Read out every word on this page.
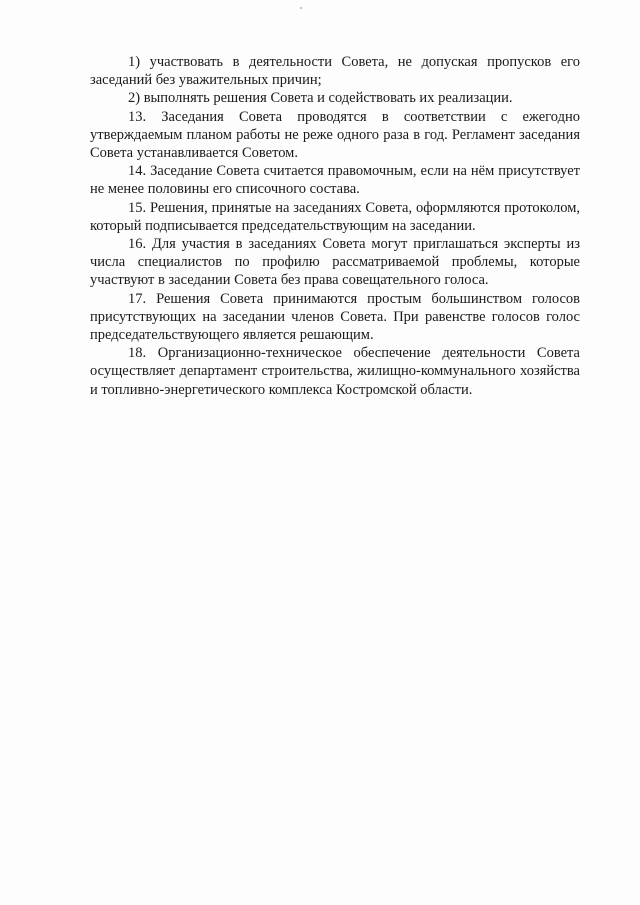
1) участвовать в деятельности Совета, не допуская пропусков его заседаний без уважительных причин;

2) выполнять решения Совета и содействовать их реализации.

13. Заседания Совета проводятся в соответствии с ежегодно утверждаемым планом работы не реже одного раза в год. Регламент заседания Совета устанавливается Советом.

14. Заседание Совета считается правомочным, если на нём присутствует не менее половины его списочного состава.

15. Решения, принятые на заседаниях Совета, оформляются протоколом, который подписывается председательствующим на заседании.

16. Для участия в заседаниях Совета могут приглашаться эксперты из числа специалистов по профилю рассматриваемой проблемы, которые участвуют в заседании Совета без права совещательного голоса.

17. Решения Совета принимаются простым большинством голосов присутствующих на заседании членов Совета. При равенстве голосов голос председательствующего является решающим.

18. Организационно-техническое обеспечение деятельности Совета осуществляет департамент строительства, жилищно-коммунального хозяйства и топливно-энергетического комплекса Костромской области.
